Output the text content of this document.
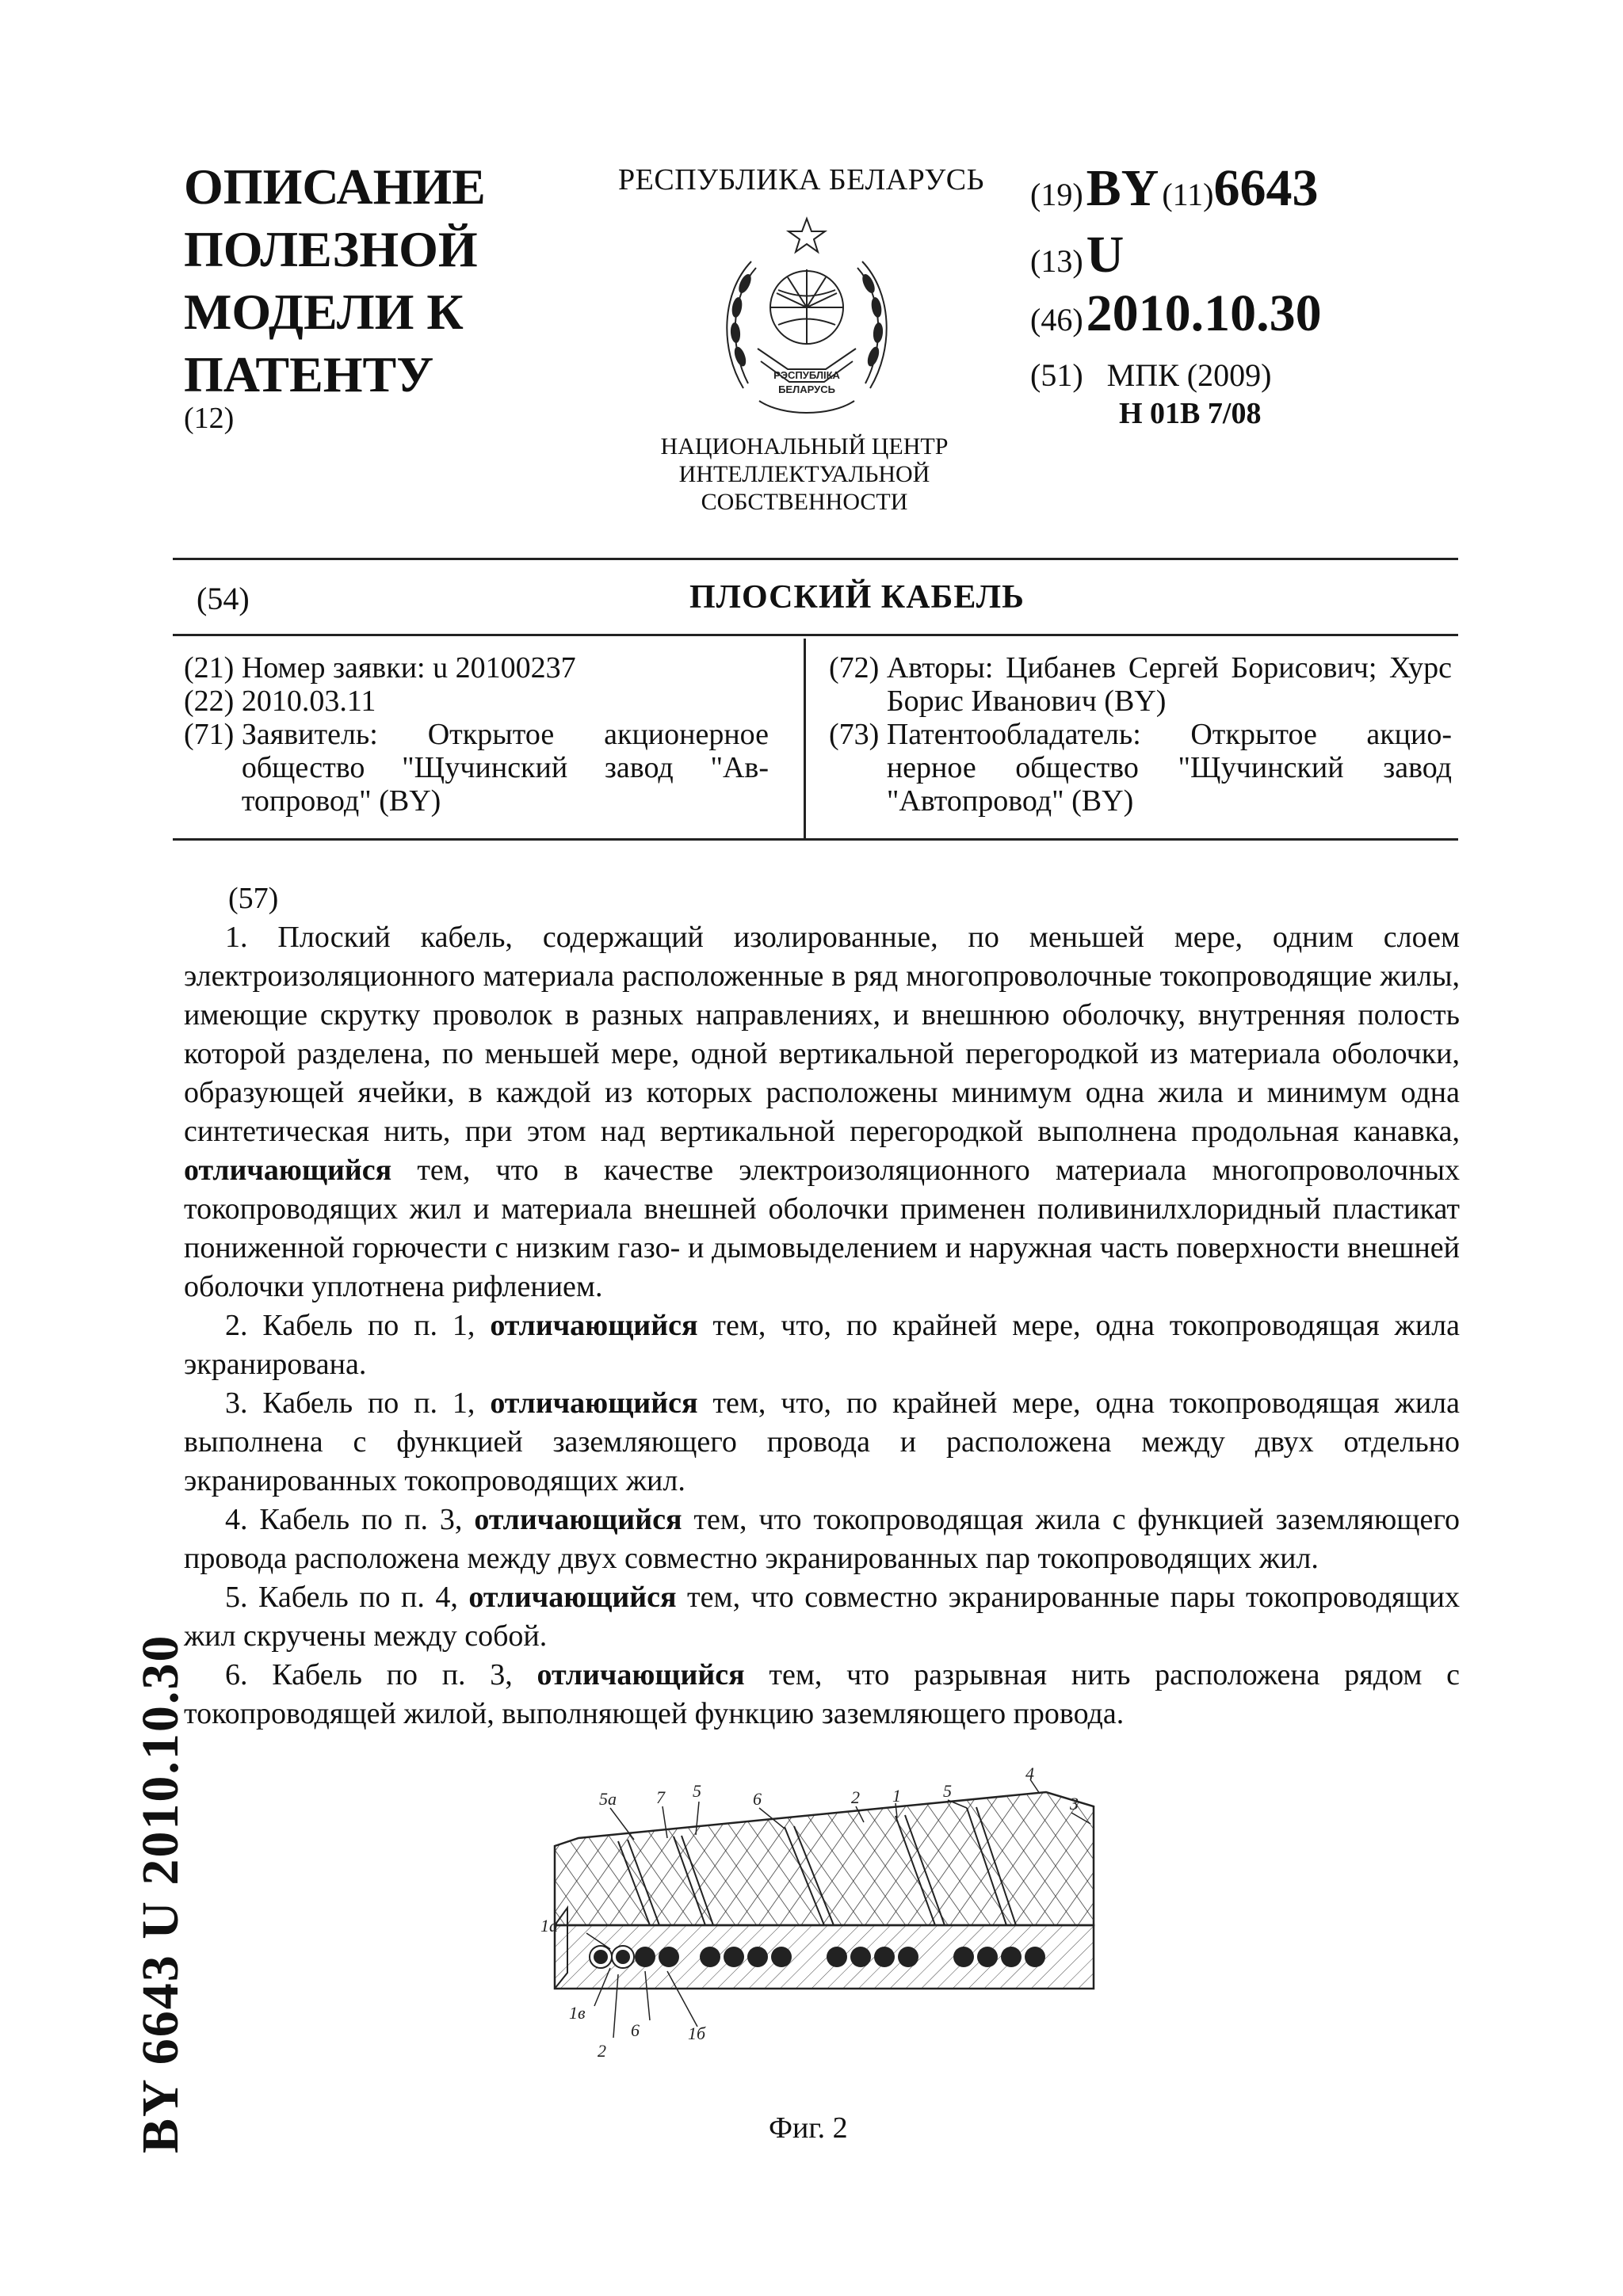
ОПИСАНИЕ ПОЛЕЗНОЙ МОДЕЛИ К ПАТЕНТУ
(12)
РЕСПУБЛИКА БЕЛАРУСЬ
РЭСПУБЛІКА
БЕЛАРУСЬ
НАЦИОНАЛЬНЫЙ ЦЕНТР ИНТЕЛЛЕКТУАЛЬНОЙ СОБСТВЕННОСТИ
(19) BY (11)6643
(13) U
(46) 2010.10.30
(51) МПК (2009)
H 01B 7/08
(54)	ПЛОСКИЙ КАБЕЛЬ
(21)
Номер заявки: u 20100237
(22)
2010.03.11
(71)
Заявитель: Открытое акционерное общество "Щучинский завод "Ав-топровод" (BY)
(72)
Авторы: Цибанев Сергей Борисович; Хурс Борис Иванович (BY)
(73)
Патентообладатель: Открытое акцио-нерное общество "Щучинский завод "Автопровод" (BY)

(57)

1. Плоский кабель, содержащий изолированные, по меньшей мере, одним слоем электроизоляционного материала расположенные в ряд многопроволочные токопроводящие жилы, имеющие скрутку проволок в разных направлениях, и внешнюю оболочку, внутренняя полость которой разделена, по меньшей мере, одной вертикальной перегородкой из материала оболочки, образующей ячейки, в каждой из которых расположены минимум одна жила и минимум одна синтетическая нить, при этом над вертикальной перегородкой выполнена продольная канавка, отличающийся тем, что в качестве электроизоляционного материала многопроволочных токопроводящих жил и материала внешней оболочки применен поливинилхлоридный пластикат пониженной горючести с низким газо- и дымовыделением и наружная часть поверхности внешней оболочки уплотнена рифлением.

2. Кабель по п. 1, отличающийся тем, что, по крайней мере, одна токопроводящая жила экранирована.

3. Кабель по п. 1, отличающийся тем, что, по крайней мере, одна токопроводящая жила выполнена с функцией заземляющего провода и расположена между двух отдельно экранированных токопроводящих жил.

4. Кабель по п. 3, отличающийся тем, что токопроводящая жила с функцией заземляющего провода расположена между двух совместно экранированных пар токопроводящих жил.

5. Кабель по п. 4, отличающийся тем, что совместно экранированные пары токопроводящих жил скручены между собой.

6. Кабель по п. 3, отличающийся тем, что разрывная нить расположена рядом с токопроводящей жилой, выполняющей функцию заземляющего провода.

5а 7 5	6	2 1 5
4
3
1а
1в
6	1б
2
Фиг. 2
BY 6643 U 2010.10.30
